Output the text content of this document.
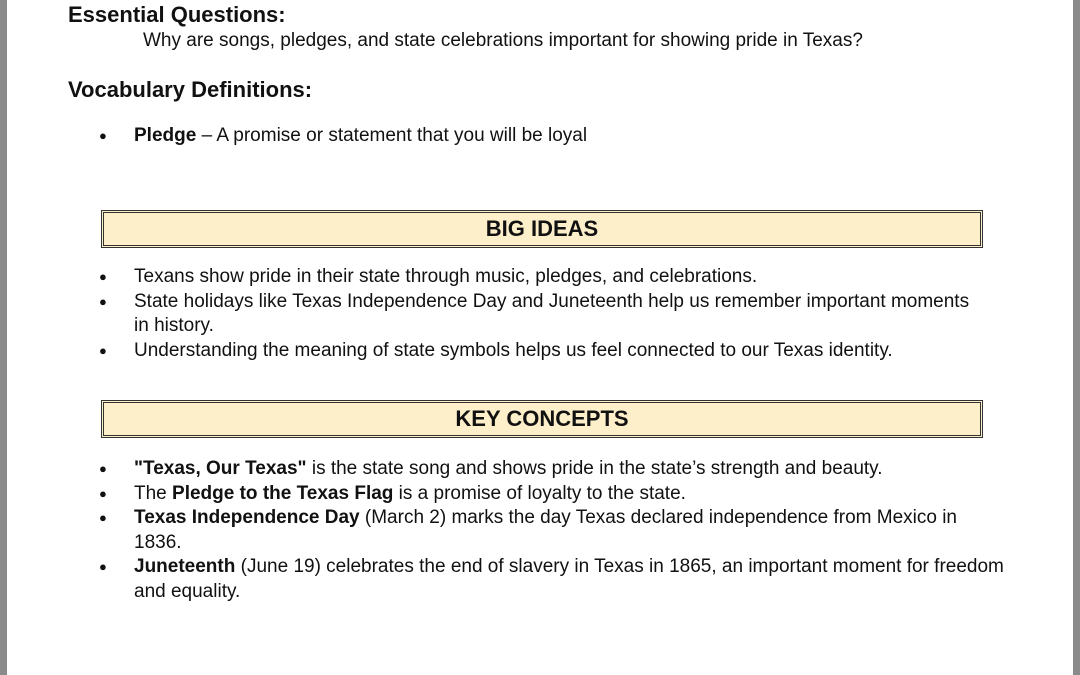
Essential Questions:
Why are songs, pledges, and state celebrations important for showing pride in Texas?
Vocabulary Definitions:
● Pledge – A promise or statement that you will be loyal
BIG IDEAS
● Texans show pride in their state through music, pledges, and celebrations.
● State holidays like Texas Independence Day and Juneteenth help us remember important moments in history.
● Understanding the meaning of state symbols helps us feel connected to our Texas identity.
KEY CONCEPTS
● "Texas, Our Texas" is the state song and shows pride in the state’s strength and beauty.
● The Pledge to the Texas Flag is a promise of loyalty to the state.
● Texas Independence Day (March 2) marks the day Texas declared independence from Mexico in 1836.
● Juneteenth (June 19) celebrates the end of slavery in Texas in 1865, an important moment for freedom and equality.
